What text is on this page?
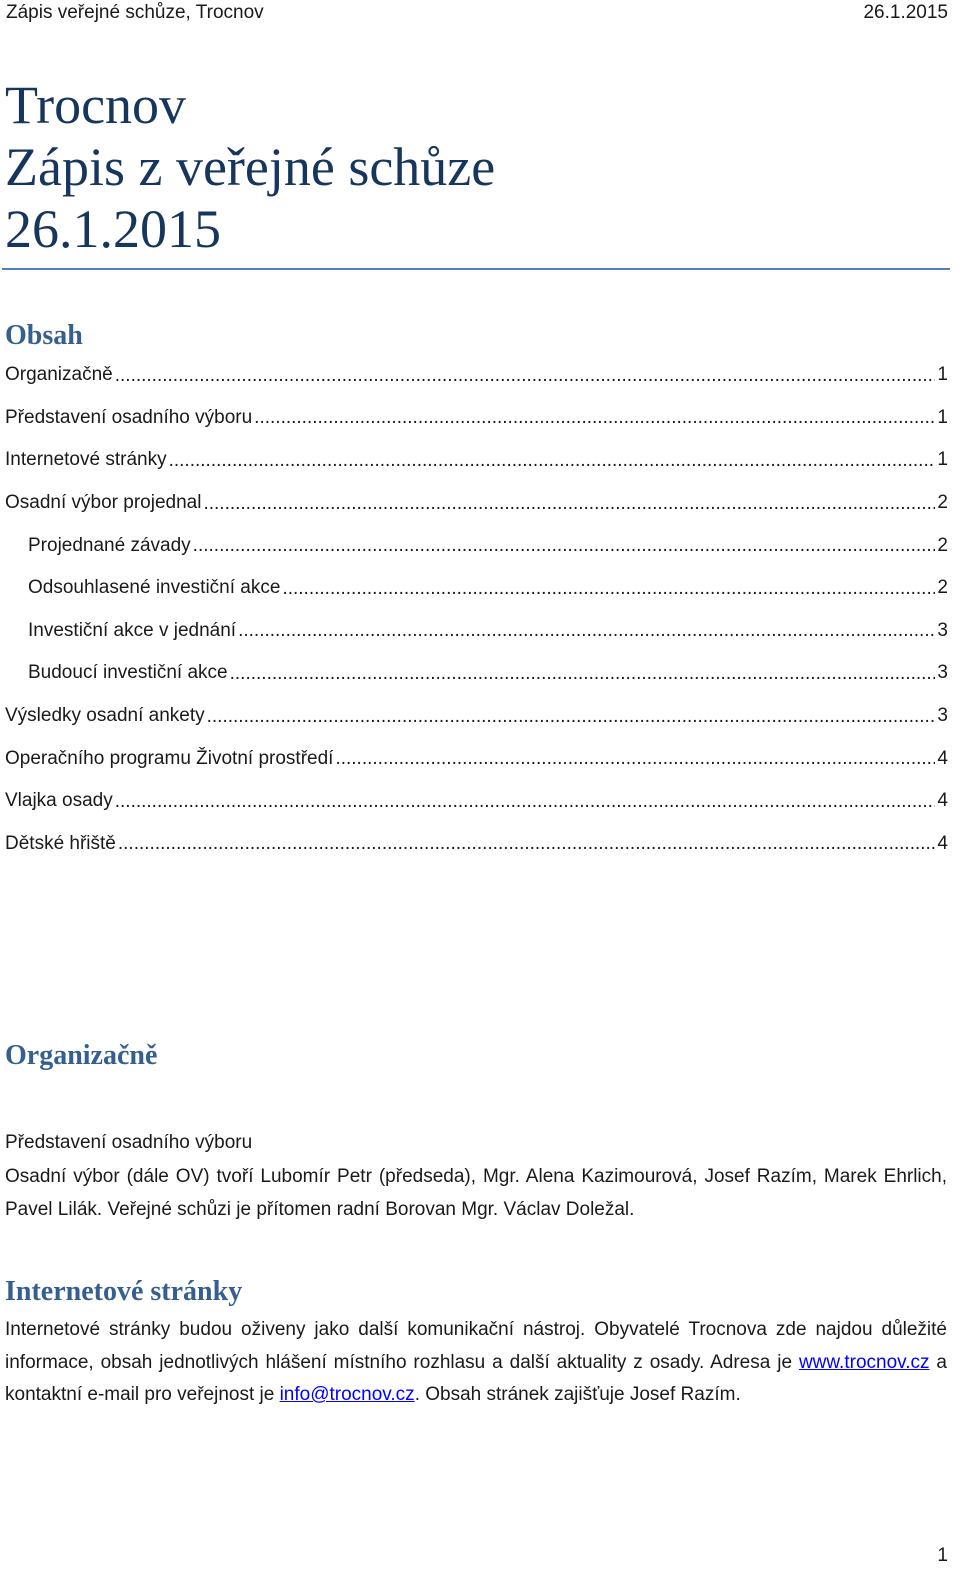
Zápis veřejné schůze, Trocnov	26.1.2015
Trocnov
Zápis z veřejné schůze
26.1.2015
Obsah
Organizačně .....	1
Představení osadního výboru .....	1
Internetové stránky .....	1
Osadní výbor projednal .....	2
Projednané závady .....	2
Odsouhlasené investiční akce .....	2
Investiční akce v jednání .....	3
Budoucí investiční akce .....	3
Výsledky osadní ankety .....	3
Operačního programu Životní prostředí .....	4
Vlajka osady .....	4
Dětské hřiště .....	4
Organizačně
Představení osadního výboru
Osadní výbor (dále OV) tvoří Lubomír Petr (předseda), Mgr. Alena Kazimourová, Josef Razím, Marek Ehrlich, Pavel Lilák. Veřejné schůzi je přítomen radní Borovan Mgr. Václav Doležal.
Internetové stránky
Internetové stránky budou oživeny jako další komunikační nástroj. Obyvatelé Trocnova zde najdou důležité informace, obsah jednotlivých hlášení místního rozhlasu a další aktuality z osady. Adresa je www.trocnov.cz a kontaktní e-mail pro veřejnost je info@trocnov.cz. Obsah stránek zajišťuje Josef Razím.
1
